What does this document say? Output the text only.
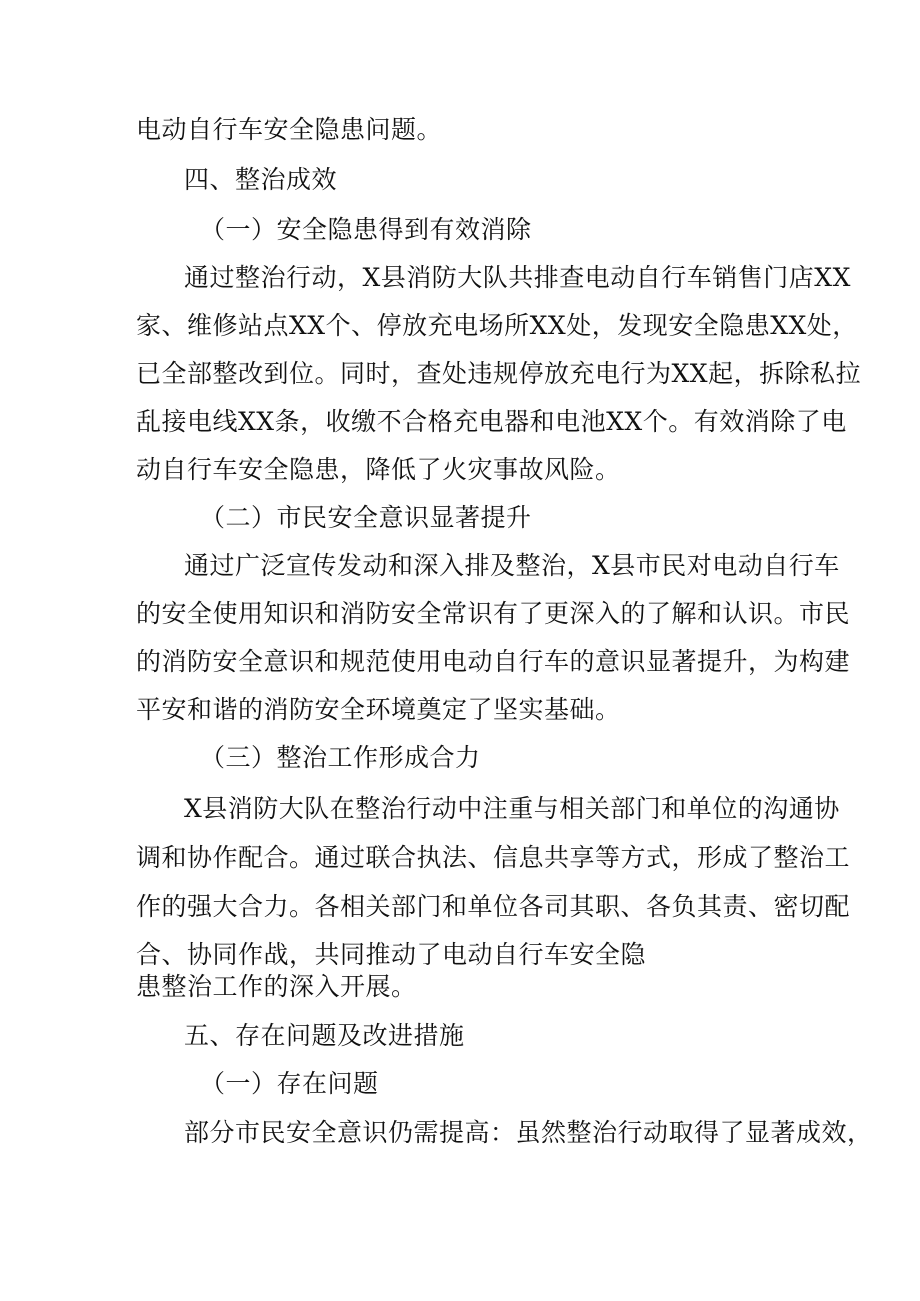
电动自行车安全隐患问题。
四、整治成效
（一）安全隐患得到有效消除
通过整治行动，X县消防大队共排查电动自行车销售门店XX
家、维修站点XX个、停放充电场所XX处，发现安全隐患XX处，
已全部整改到位。同时，查处违规停放充电行为XX起，拆除私拉
乱接电线XX条，收缴不合格充电器和电池XX个。有效消除了电
动自行车安全隐患，降低了火灾事故风险。
（二）市民安全意识显著提升
通过广泛宣传发动和深入排及整治，X县市民对电动自行车
的安全使用知识和消防安全常识有了更深入的了解和认识。市民
的消防安全意识和规范使用电动自行车的意识显著提升，为构建
平安和谐的消防安全环境奠定了坚实基础。
（三）整治工作形成合力
X县消防大队在整治行动中注重与相关部门和单位的沟通协
调和协作配合。通过联合执法、信息共享等方式，形成了整治工
作的强大合力。各相关部门和单位各司其职、各负其责、密切配
合、协同作战，共同推动了电动自行车安全隐
患整治工作的深入开展。
五、存在问题及改进措施
（一）存在问题
部分市民安全意识仍需提高：虽然整治行动取得了显著成效，
